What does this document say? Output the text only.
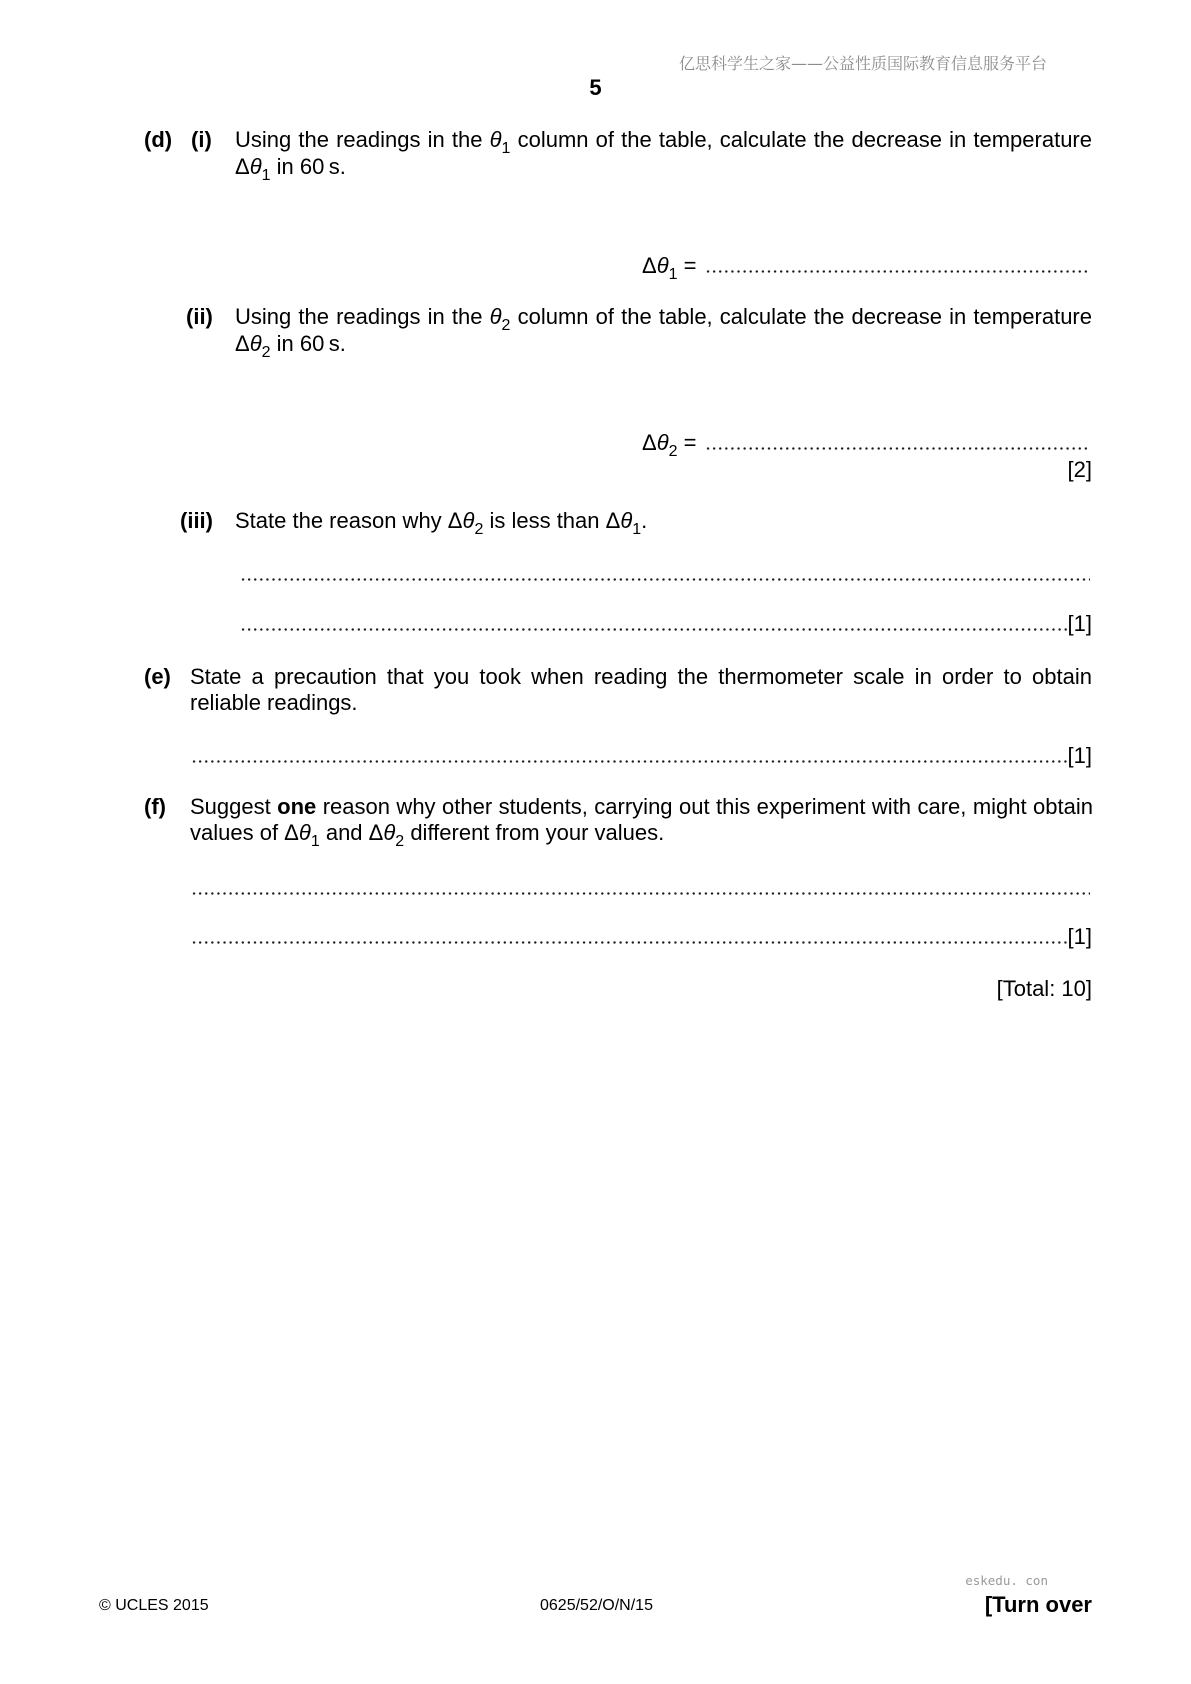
亿思科学生之家——公益性质国际教育信息服务平台
5
(d) (i) Using the readings in the $\theta_1$ column of the table, calculate the decrease in temperature
$\Delta\theta_1$ in 60 s.
$\Delta\theta_1$ =
(ii) Using the readings in the $\theta_2$ column of the table, calculate the decrease in temperature
$\Delta\theta_2$ in 60 s.
$\Delta\theta_2$ =
[2]
(iii) State the reason why $\Delta\theta_2$ is less than $\Delta\theta_1$.
[1]
(e) State a precaution that you took when reading the thermometer scale in order to obtain
reliable readings.
[1]
(f) Suggest one reason why other students, carrying out this experiment with care, might obtain
values of $\Delta\theta_1$ and $\Delta\theta_2$ different from your values.
[1]
[Total: 10]
eskedu. con
© UCLES 2015	0625/52/O/N/15	[Turn over
